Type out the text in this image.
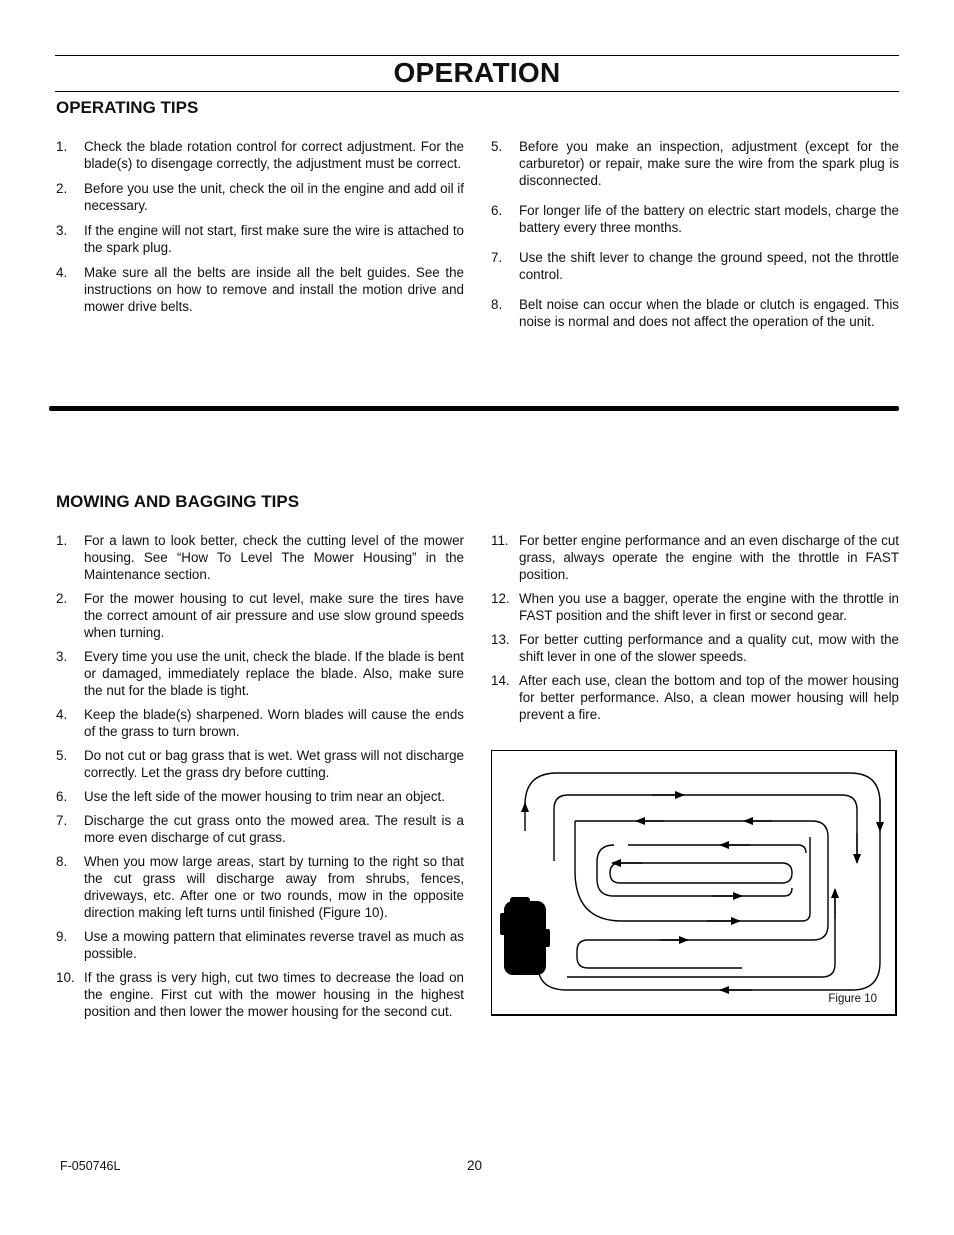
OPERATION
OPERATING TIPS
1.	Check the blade rotation control for correct adjustment. For the blade(s) to disengage correctly, the adjustment must be correct.
2.	Before you use the unit, check the oil in the engine and add oil if necessary.
3.	If the engine will not start, first make sure the wire is attached to the spark plug.
4.	Make sure all the belts are inside all the belt guides. See the instructions on how to remove and install the motion drive and mower drive belts.
5.	Before you make an inspection, adjustment (except for the carburetor) or repair, make sure the wire from the spark plug is disconnected.
6.	For longer life of the battery on electric start models, charge the battery every three months.
7.	Use the shift lever to change the ground speed, not the throttle control.
8.	Belt noise can occur when the blade or clutch is engaged. This noise is normal and does not affect the operation of the unit.
MOWING AND BAGGING TIPS
1.	For a lawn to look better, check the cutting level of the mower housing. See “How To Level The Mower Housing” in the Maintenance section.
2.	For the mower housing to cut level, make sure the tires have the correct amount of air pressure and use slow ground speeds when turning.
3.	Every time you use the unit, check the blade. If the blade is bent or damaged, immediately replace the blade. Also, make sure the nut for the blade is tight.
4.	Keep the blade(s) sharpened. Worn blades will cause the ends of the grass to turn brown.
5.	Do not cut or bag grass that is wet. Wet grass will not discharge correctly. Let the grass dry before cutting.
6.	Use the left side of the mower housing to trim near an object.
7.	Discharge the cut grass onto the mowed area. The result is a more even discharge of cut grass.
8.	When you mow large areas, start by turning to the right so that the cut grass will discharge away from shrubs, fences, driveways, etc. After one or two rounds, mow in the opposite direction making left turns until finished (Figure 10).
9.	Use a mowing pattern that eliminates reverse travel as much as possible.
10. If the grass is very high, cut two times to decrease the load on the engine. First cut with the mower housing in the highest position and then lower the mower housing for the second cut.
11. For better engine performance and an even discharge of the cut grass, always operate the engine with the throttle in FAST position.
12. When you use a bagger, operate the engine with the throttle in FAST position and the shift lever in first or second gear.
13. For better cutting performance and a quality cut, mow with the shift lever in one of the slower speeds.
14. After each use, clean the bottom and top of the mower housing for better performance. Also, a clean mower housing will help prevent a fire.
Figure 10
F-050746L	20
